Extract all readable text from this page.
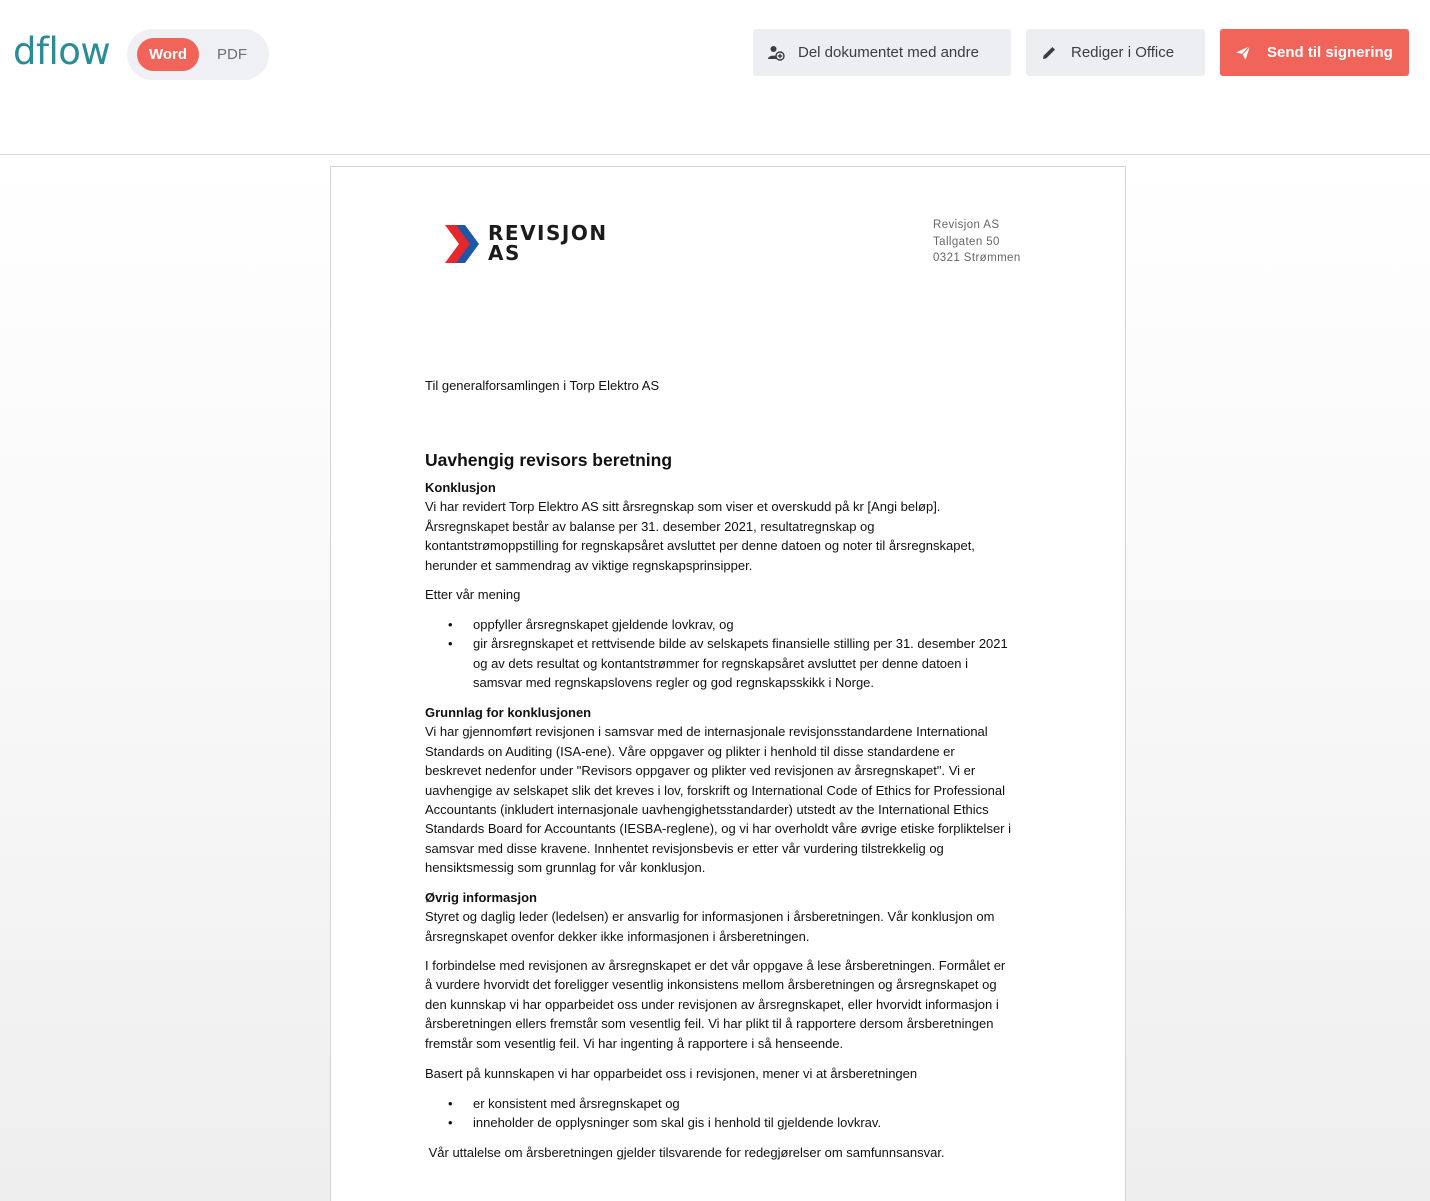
dflow	Word	PDF	Del dokumentet med andre	Rediger i Office	Send til signering
REVISJON
AS
Revisjon AS
Tallgaten 50
0321 Strømmen
Til generalforsamlingen i Torp Elektro AS
Uavhengig revisors beretning

Konklusjon

Vi har revidert Torp Elektro AS sitt årsregnskap som viser et overskudd på kr [Angi beløp].

Årsregnskapet består av balanse per 31. desember 2021, resultatregnskap og

kontantstrømoppstilling for regnskapsåret avsluttet per denne datoen og noter til årsregnskapet,

herunder et sammendrag av viktige regnskapsprinsipper.

Etter vår mening

• oppfyller årsregnskapet gjeldende lovkrav, og

• gir årsregnskapet et rettvisende bilde av selskapets finansielle stilling per 31. desember 2021

og av dets resultat og kontantstrømmer for regnskapsåret avsluttet per denne datoen i

samsvar med regnskapslovens regler og god regnskapsskikk i Norge.

Grunnlag for konklusjonen

Vi har gjennomført revisjonen i samsvar med de internasjonale revisjonsstandardene International

Standards on Auditing (ISA-ene). Våre oppgaver og plikter i henhold til disse standardene er

beskrevet nedenfor under "Revisors oppgaver og plikter ved revisjonen av årsregnskapet". Vi er

uavhengige av selskapet slik det kreves i lov, forskrift og International Code of Ethics for Professional

Accountants (inkludert internasjonale uavhengighetsstandarder) utstedt av the International Ethics

Standards Board for Accountants (IESBA-reglene), og vi har overholdt våre øvrige etiske forpliktelser i

samsvar med disse kravene. Innhentet revisjonsbevis er etter vår vurdering tilstrekkelig og

hensiktsmessig som grunnlag for vår konklusjon.

Øvrig informasjon

Styret og daglig leder (ledelsen) er ansvarlig for informasjonen i årsberetningen. Vår konklusjon om

årsregnskapet ovenfor dekker ikke informasjonen i årsberetningen.

I forbindelse med revisjonen av årsregnskapet er det vår oppgave å lese årsberetningen. Formålet er

å vurdere hvorvidt det foreligger vesentlig inkonsistens mellom årsberetningen og årsregnskapet og

den kunnskap vi har opparbeidet oss under revisjonen av årsregnskapet, eller hvorvidt informasjon i

årsberetningen ellers fremstår som vesentlig feil. Vi har plikt til å rapportere dersom årsberetningen

fremstår som vesentlig feil. Vi har ingenting å rapportere i så henseende.

Basert på kunnskapen vi har opparbeidet oss i revisjonen, mener vi at årsberetningen

• er konsistent med årsregnskapet og

• inneholder de opplysninger som skal gis i henhold til gjeldende lovkrav.

Vår uttalelse om årsberetningen gjelder tilsvarende for redegjørelser om samfunnsansvar.
